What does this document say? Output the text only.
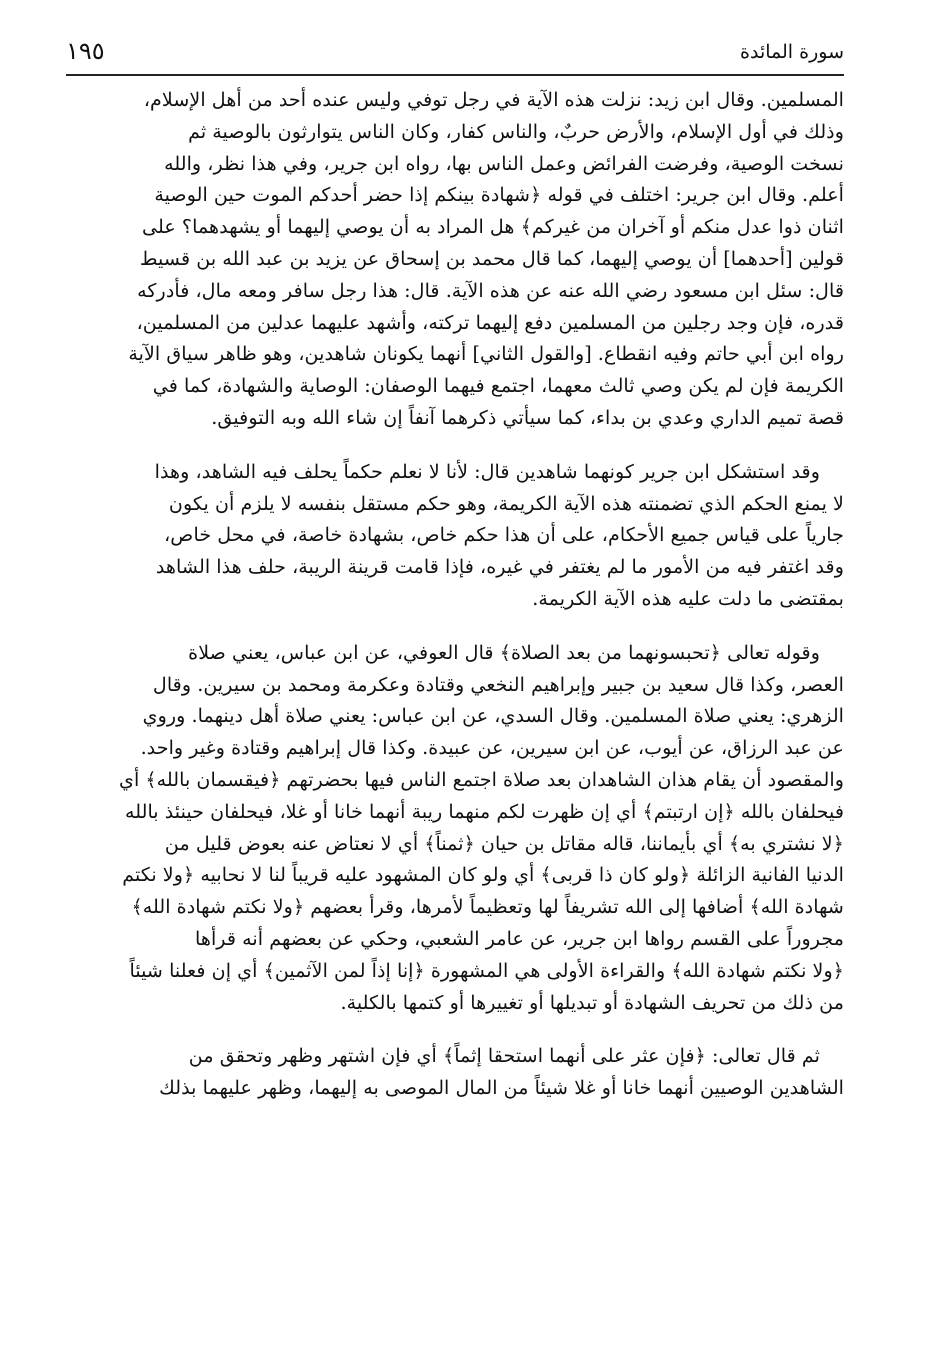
سورة المائدة
١٩٥
المسلمين. وقال ابن زيد: نزلت هذه الآية في رجل توفي وليس عنده أحد من أهل الإسلام،
وذلك في أول الإسلام، والأرض حربٌ، والناس كفار، وكان الناس يتوارثون بالوصية ثم
نسخت الوصية، وفرضت الفرائض وعمل الناس بها، رواه ابن جرير، وفي هذا نظر، والله
أعلم. وقال ابن جرير: اختلف في قوله ﴿شهادة بينكم إذا حضر أحدكم الموت حين الوصية
اثنان ذوا عدل منكم أو آخران من غيركم﴾ هل المراد به أن يوصي إليهما أو يشهدهما؟ على
قولين [أحدهما] أن يوصي إليهما، كما قال محمد بن إسحاق عن يزيد بن عبد الله بن قسيط
قال: سئل ابن مسعود رضي الله عنه عن هذه الآية. قال: هذا رجل سافر ومعه مال، فأدركه
قدره، فإن وجد رجلين من المسلمين دفع إليهما تركته، وأشهد عليهما عدلين من المسلمين،
رواه ابن أبي حاتم وفيه انقطاع. [والقول الثاني] أنهما يكونان شاهدين، وهو ظاهر سياق الآية
الكريمة فإن لم يكن وصي ثالث معهما، اجتمع فيهما الوصفان: الوصاية والشهادة، كما في
قصة تميم الداري وعدي بن بداء، كما سيأتي ذكرهما آنفاً إن شاء الله وبه التوفيق.
وقد استشكل ابن جرير كونهما شاهدين قال: لأنا لا نعلم حكماً يحلف فيه الشاهد، وهذا
لا يمنع الحكم الذي تضمنته هذه الآية الكريمة، وهو حكم مستقل بنفسه لا يلزم أن يكون
جارياً على قياس جميع الأحكام، على أن هذا حكم خاص، بشهادة خاصة، في محل خاص،
وقد اغتفر فيه من الأمور ما لم يغتفر في غيره، فإذا قامت قرينة الريبة، حلف هذا الشاهد
بمقتضى ما دلت عليه هذه الآية الكريمة.
وقوله تعالى ﴿تحبسونهما من بعد الصلاة﴾ قال العوفي، عن ابن عباس، يعني صلاة
العصر، وكذا قال سعيد بن جبير وإبراهيم النخعي وقتادة وعكرمة ومحمد بن سيرين. وقال
الزهري: يعني صلاة المسلمين. وقال السدي، عن ابن عباس: يعني صلاة أهل دينهما. وروي
عن عبد الرزاق، عن أيوب، عن ابن سيرين، عن عبيدة. وكذا قال إبراهيم وقتادة وغير واحد.
والمقصود أن يقام هذان الشاهدان بعد صلاة اجتمع الناس فيها بحضرتهم ﴿فيقسمان بالله﴾ أي
فيحلفان بالله ﴿إن ارتبتم﴾ أي إن ظهرت لكم منهما ريبة أنهما خانا أو غلا، فيحلفان حينئذ بالله
﴿لا نشتري به﴾ أي بأيماننا، قاله مقاتل بن حيان ﴿ثمناً﴾ أي لا نعتاض عنه بعوض قليل من
الدنيا الفانية الزائلة ﴿ولو كان ذا قربى﴾ أي ولو كان المشهود عليه قريباً لنا لا نحابيه ﴿ولا نكتم
شهادة الله﴾ أضافها إلى الله تشريفاً لها وتعظيماً لأمرها، وقرأ بعضهم ﴿ولا نكتم شهادة الله﴾
مجروراً على القسم رواها ابن جرير، عن عامر الشعبي، وحكي عن بعضهم أنه قرأها
﴿ولا نكتم شهادة الله﴾ والقراءة الأولى هي المشهورة ﴿إنا إذاً لمن الآثمين﴾ أي إن فعلنا شيئاً
من ذلك من تحريف الشهادة أو تبديلها أو تغييرها أو كتمها بالكلية.
ثم قال تعالى: ﴿فإن عثر على أنهما استحقا إثماً﴾ أي فإن اشتهر وظهر وتحقق من
الشاهدين الوصيين أنهما خانا أو غلا شيئاً من المال الموصى به إليهما، وظهر عليهما بذلك
